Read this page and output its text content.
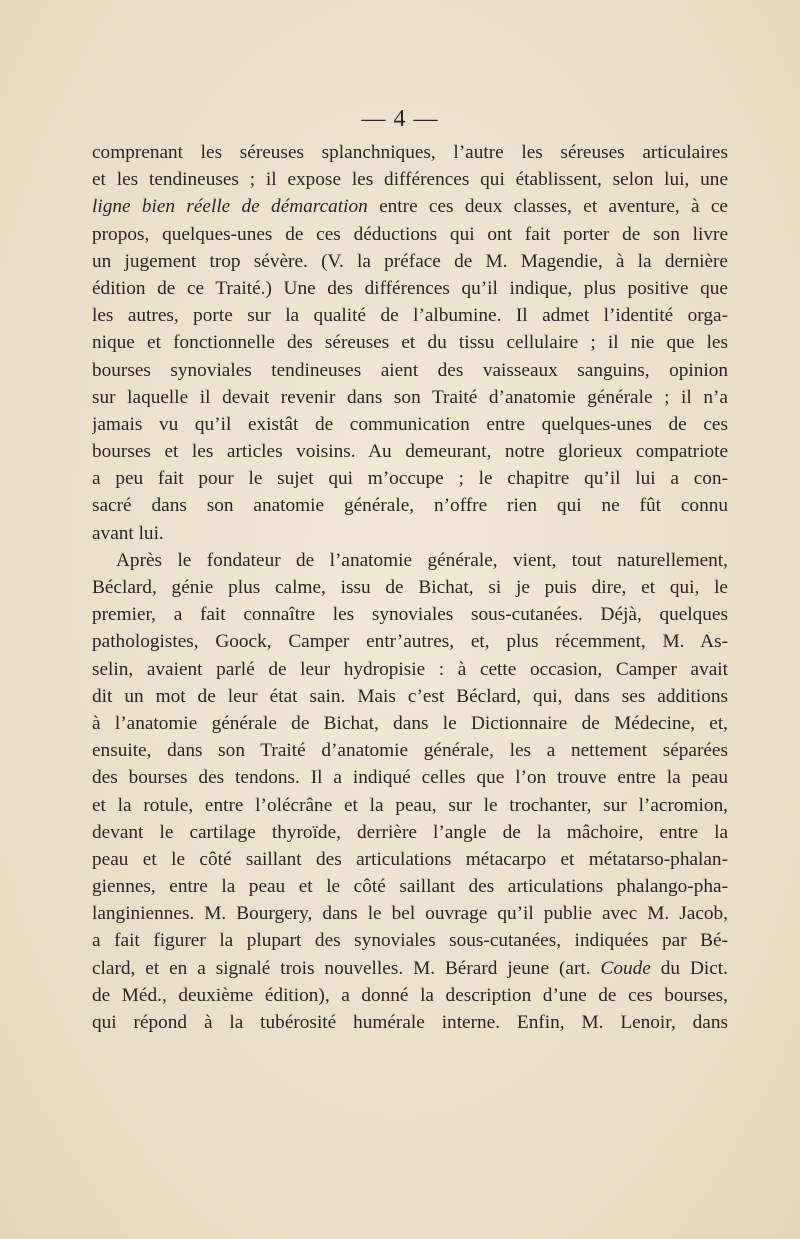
— 4 —
comprenant les séreuses splanchniques, l’autre les séreuses articulaires
et les tendineuses ; il expose les différences qui établissent, selon lui, une
ligne bien réelle de démarcation entre ces deux classes, et aventure, à ce
propos, quelques-unes de ces déductions qui ont fait porter de son livre
un jugement trop sévère. (V. la préface de M. Magendie, à la dernière
édition de ce Traité.) Une des différences qu’il indique, plus positive que
les autres, porte sur la qualité de l’albumine. Il admet l’identité orga-
nique et fonctionnelle des séreuses et du tissu cellulaire ; il nie que les
bourses synoviales tendineuses aient des vaisseaux sanguins, opinion
sur laquelle il devait revenir dans son Traité d’anatomie générale ; il n’a
jamais vu qu’il existât de communication entre quelques-unes de ces
bourses et les articles voisins. Au demeurant, notre glorieux compatriote
a peu fait pour le sujet qui m’occupe ; le chapitre qu’il lui a con-
sacré dans son anatomie générale, n’offre rien qui ne fût connu
avant lui.
Après le fondateur de l’anatomie générale, vient, tout naturellement,
Béclard, génie plus calme, issu de Bichat, si je puis dire, et qui, le
premier, a fait connaître les synoviales sous-cutanées. Déjà, quelques
pathologistes, Goock, Camper entr’autres, et, plus récemment, M. As-
selin, avaient parlé de leur hydropisie : à cette occasion, Camper avait
dit un mot de leur état sain. Mais c’est Béclard, qui, dans ses additions
à l’anatomie générale de Bichat, dans le Dictionnaire de Médecine, et,
ensuite, dans son Traité d’anatomie générale, les a nettement séparées
des bourses des tendons. Il a indiqué celles que l’on trouve entre la peau
et la rotule, entre l’olécrâne et la peau, sur le trochanter, sur l’acromion,
devant le cartilage thyroïde, derrière l’angle de la mâchoire, entre la
peau et le côté saillant des articulations métacarpo et métatarso-phalan-
giennes, entre la peau et le côté saillant des articulations phalango-pha-
langiniennes. M. Bourgery, dans le bel ouvrage qu’il publie avec M. Jacob,
a fait figurer la plupart des synoviales sous-cutanées, indiquées par Bé-
clard, et en a signalé trois nouvelles. M. Bérard jeune (art. Coude du Dict.
de Méd., deuxième édition), a donné la description d’une de ces bourses,
qui répond à la tubérosité humérale interne. Enfin, M. Lenoir, dans
